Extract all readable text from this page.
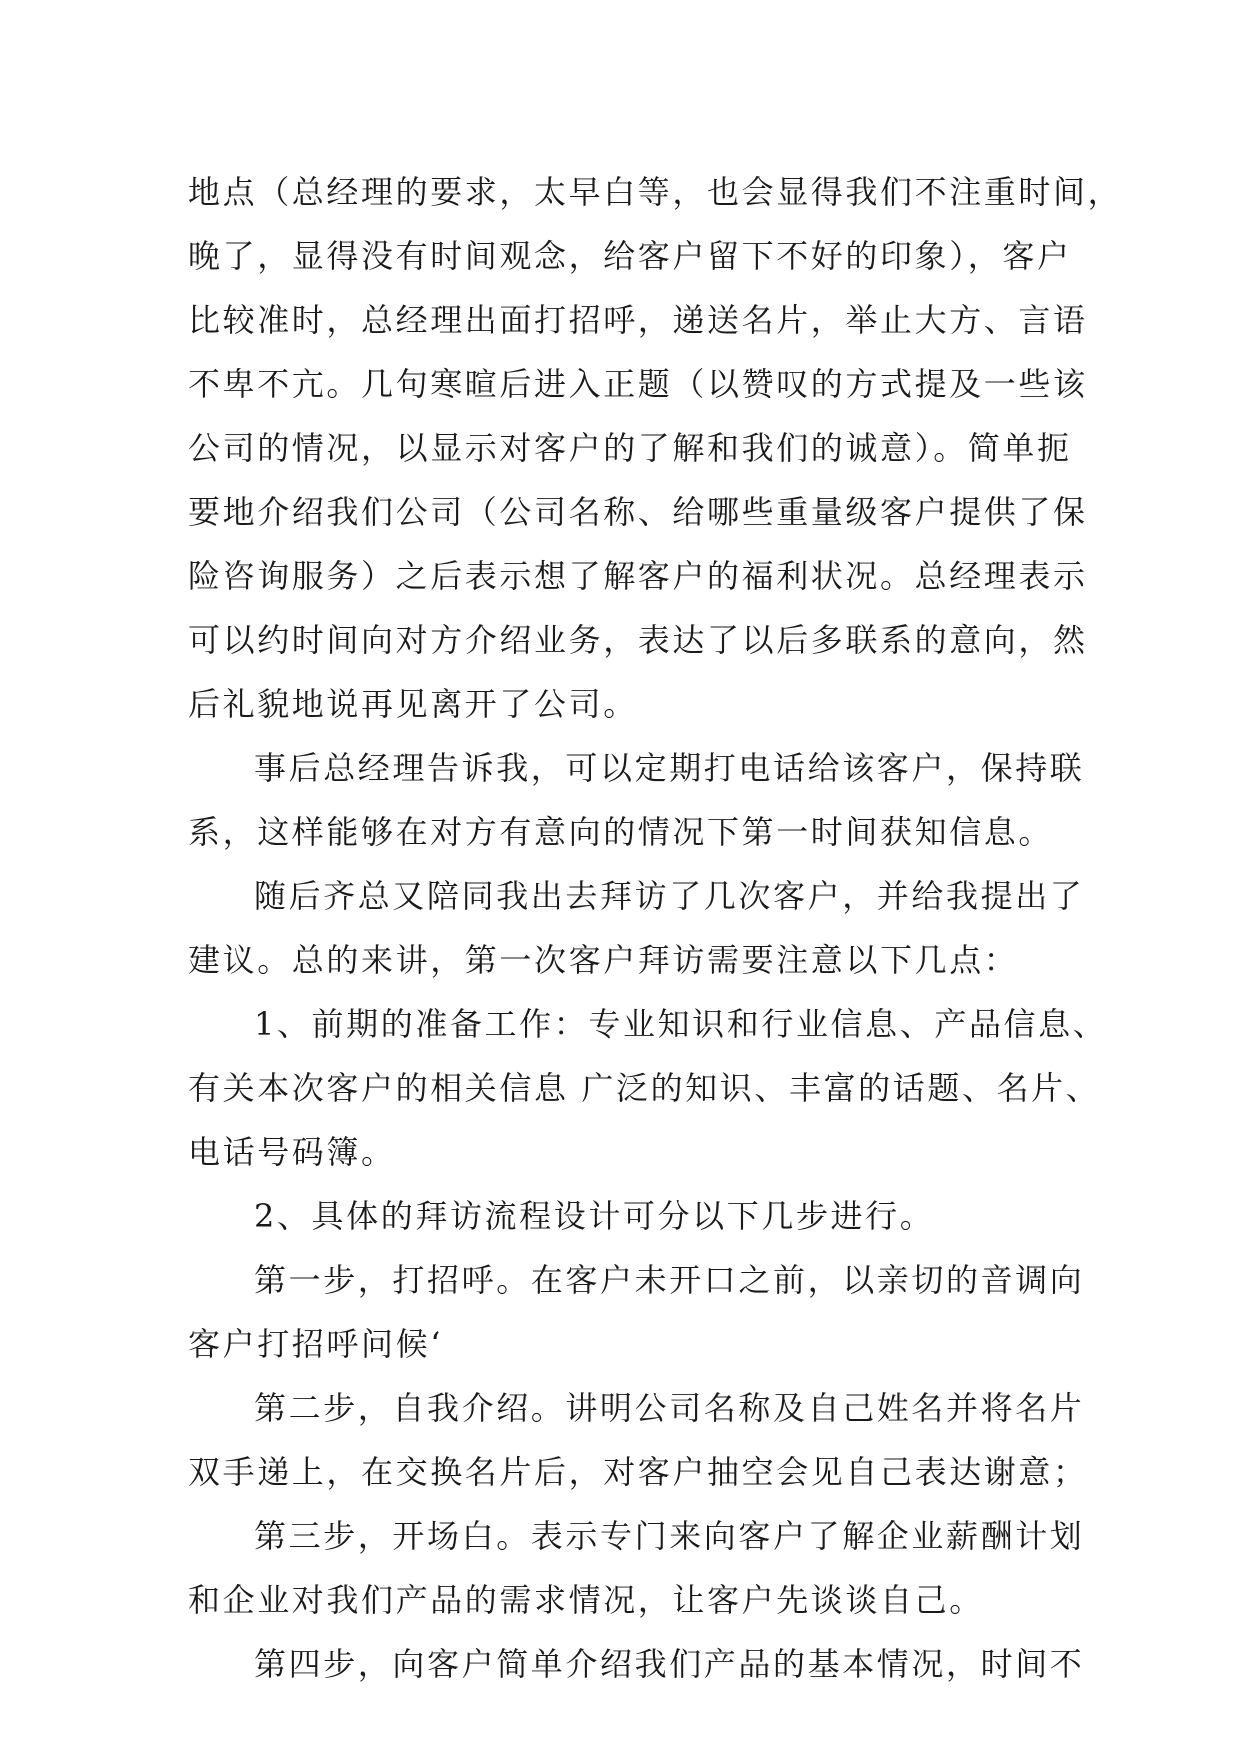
地点（总经理的要求，太早白等，也会显得我们不注重时间，
晚了，显得没有时间观念，给客户留下不好的印象），客户
比较准时，总经理出面打招呼，递送名片，举止大方、言语
不卑不亢。几句寒暄后进入正题（以赞叹的方式提及一些该
公司的情况，以显示对客户的了解和我们的诚意）。简单扼
要地介绍我们公司（公司名称、给哪些重量级客户提供了保
险咨询服务）之后表示想了解客户的福利状况。总经理表示
可以约时间向对方介绍业务，表达了以后多联系的意向，然
后礼貌地说再见离开了公司。
事后总经理告诉我，可以定期打电话给该客户，保持联
系，这样能够在对方有意向的情况下第一时间获知信息。
随后齐总又陪同我出去拜访了几次客户，并给我提出了
建议。总的来讲，第一次客户拜访需要注意以下几点：
1、前期的准备工作：专业知识和行业信息、产品信息、
有关本次客户的相关信息 广泛的知识、丰富的话题、名片、
电话号码簿。
2、具体的拜访流程设计可分以下几步进行。
第一步，打招呼。在客户未开口之前，以亲切的音调向
客户打招呼问候‘
第二步，自我介绍。讲明公司名称及自己姓名并将名片
双手递上，在交换名片后，对客户抽空会见自己表达谢意；
第三步，开场白。表示专门来向客户了解企业薪酬计划
和企业对我们产品的需求情况，让客户先谈谈自己。
第四步，向客户简单介绍我们产品的基本情况，时间不
